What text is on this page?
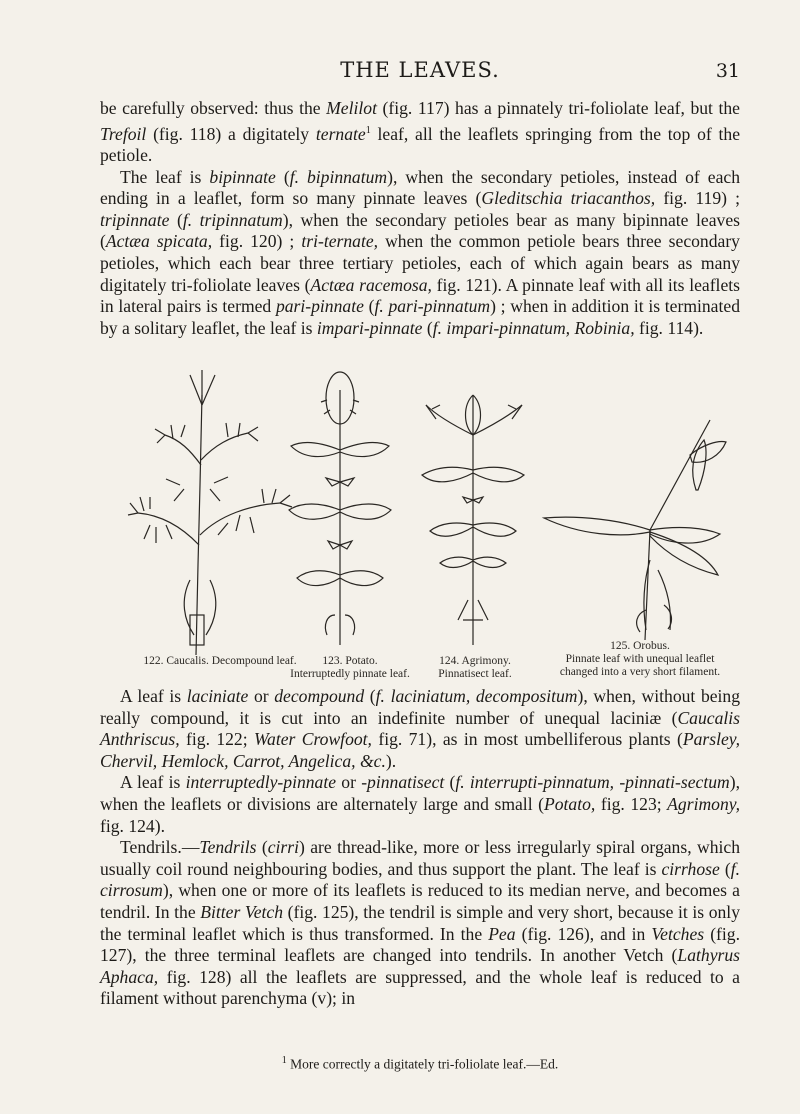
THE LEAVES.	31

be carefully observed: thus the Melilot (fig. 117) has a pinnately tri-foliolate leaf, but the Trefoil (fig. 118) a digitately ternate$^1$ leaf, all the leaflets springing from the top of the petiole.

The leaf is bipinnate (f. bipinnatum), when the secondary petioles, instead of each ending in a leaflet, form so many pinnate leaves (Gleditschia triacanthos, fig. 119) ; tripinnate (f. tripinnatum), when the secondary petioles bear as many bipinnate leaves (Actæa spicata, fig. 120) ; tri-ternate, when the common petiole bears three secondary petioles, which each bear three tertiary petioles, each of which again bears as many digitately tri-foliolate leaves (Actæa racemosa, fig. 121). A pinnate leaf with all its leaflets in lateral pairs is termed pari-pinnate (f. pari-pinnatum) ; when in addition it is terminated by a solitary leaflet, the leaf is impari-pinnate (f. impari-pinnatum, Robinia, fig. 114).

122. Caucalis. Decompound leaf.	123. Potato.
Interruptedly pinnate leaf.
124. Agrimony.
Pinnatisect leaf.
125. Orobus.
Pinnate leaf with unequal leaflet
changed into a very short filament.

A leaf is laciniate or decompound (f. laciniatum, decompositum), when, without being really compound, it is cut into an indefinite number of unequal laciniæ (Caucalis Anthriscus, fig. 122; Water Crowfoot, fig. 71), as in most umbelliferous plants (Parsley, Chervil, Hemlock, Carrot, Angelica, &c.).

A leaf is interruptedly-pinnate or -pinnatisect (f. interrupti-pinnatum, -pinnati-sectum), when the leaflets or divisions are alternately large and small (Potato, fig. 123; Agrimony, fig. 124).

Tendrils.—Tendrils (cirri) are thread-like, more or less irregularly spiral organs, which usually coil round neighbouring bodies, and thus support the plant. The leaf is cirrhose (f. cirrosum), when one or more of its leaflets is reduced to its median nerve, and becomes a tendril. In the Bitter Vetch (fig. 125), the tendril is simple and very short, because it is only the terminal leaflet which is thus transformed. In the Pea (fig. 126), and in Vetches (fig. 127), the three terminal leaflets are changed into tendrils. In another Vetch (Lathyrus Aphaca, fig. 128) all the leaflets are suppressed, and the whole leaf is reduced to a filament without parenchyma (v); in

$^1$ More correctly a digitately tri-foliolate leaf.—Ed.
